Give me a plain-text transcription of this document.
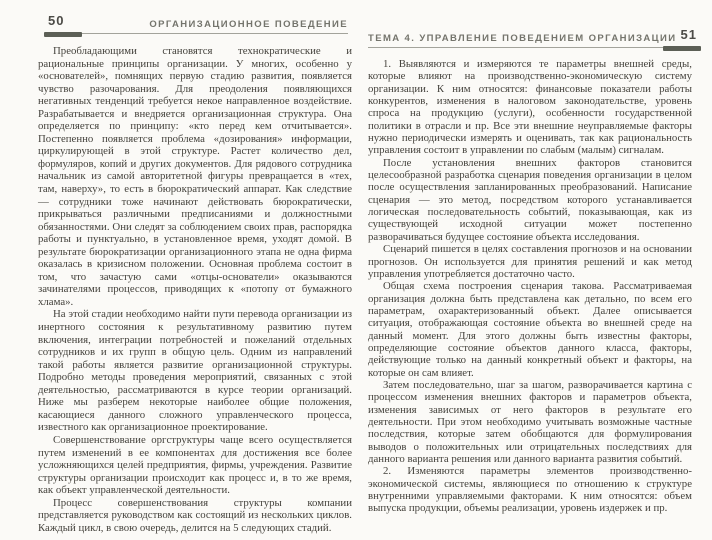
50	ОРГАНИЗАЦИОННОЕ ПОВЕДЕНИЕ

Преобладающими становятся технократические и рациональные принципы организации. У многих, особенно у «основателей», помнящих первую стадию развития, появляется чувство разочарования. Для преодоления появляющихся негативных тенденций требуется некое направленное воздействие. Разрабатывается и внедряется организационная структура. Она определяется по принципу: «кто перед кем отчитывается». Постепенно появляется проблема «дозирования» информации, циркулирующей в этой структуре. Растет количество дел, формуляров, копий и других документов. Для рядового сотрудника начальник из самой авторитетной фигуры превращается в «тех, там, наверху», то есть в бюрократический аппарат. Как следствие — сотрудники тоже начинают действовать бюрократически, прикрываться различными предписаниями и должностными обязанностями. Они следят за соблюдением своих прав, распорядка работы и пунктуально, в установленное время, уходят домой. В результате бюрократизации организационного этапа не одна фирма оказалась в кризисном положении. Основная проблема состоит в том, что зачастую сами «отцы-основатели» оказываются зачинателями процессов, приводящих к «потопу от бумажного хлама».

На этой стадии необходимо найти пути перевода организации из инертного состояния к результативному развитию путем включения, интеграции потребностей и пожеланий отдельных сотрудников и их групп в общую цель. Одним из направлений такой работы является развитие организационной структуры. Подробно методы проведения мероприятий, связанных с этой деятельностью, рассматриваются в курсе теории организаций. Ниже мы разберем некоторые наиболее общие положения, касающиеся данного сложного управленческого процесса, известного как организационное проектирование.

Совершенствование оргструктуры чаще всего осуществляется путем изменений в ее компонентах для достижения все более усложняющихся целей предприятия, фирмы, учреждения. Развитие структуры организации происходит как процесс и, в то же время, как объект управленческой деятельности.

Процесс совершенствования структуры компании представляется руководством как состоящий из нескольких циклов. Каждый цикл, в свою очередь, делится на 5 следующих стадий.

ТЕМА 4. УПРАВЛЕНИЕ ПОВЕДЕНИЕМ ОРГАНИЗАЦИИ 51

1. Выявляются и измеряются те параметры внешней среды, которые влияют на производственно-экономическую систему организации. К ним относятся: финансовые показатели работы конкурентов, изменения в налоговом законодательстве, уровень спроса на продукцию (услуги), особенности государственной политики в отрасли и пр. Все эти внешние неуправляемые факторы нужно периодически измерять и оценивать, так как рациональность управления состоит в управлении по слабым (малым) сигналам.

После установления внешних факторов становится целесообразной разработка сценария поведения организации в целом после осуществления запланированных преобразований. Написание сценария — это метод, посредством которого устанавливается логическая последовательность событий, показывающая, как из существующей исходной ситуации может постепенно разворачиваться будущее состояние объекта исследования.

Сценарий пишется в целях составления прогнозов и на основании прогнозов. Он используется для принятия решений и как метод управления употребляется достаточно часто.

Общая схема построения сценария такова. Рассматриваемая организация должна быть представлена как детально, по всем его параметрам, охарактеризованный объект. Далее описывается ситуация, отображающая состояние объекта во внешней среде на данный момент. Для этого должны быть известны факторы, определяющие состояние объектов данного класса, факторы, действующие только на данный конкретный объект и факторы, на которые он сам влияет.

Затем последовательно, шаг за шагом, разворачивается картина с процессом изменения внешних факторов и параметров объекта, изменения зависимых от него факторов в результате его деятельности. При этом необходимо учитывать возможные частные последствия, которые затем обобщаются для формулирования выводов о положительных или отрицательных последствиях для данного варианта решения или данного варианта развития событий.

2. Изменяются параметры элементов производственно-экономической системы, являющиеся по отношению к структуре внутренними управляемыми факторами. К ним относятся: объем выпуска продукции, объемы реализации, уровень издержек и пр.
